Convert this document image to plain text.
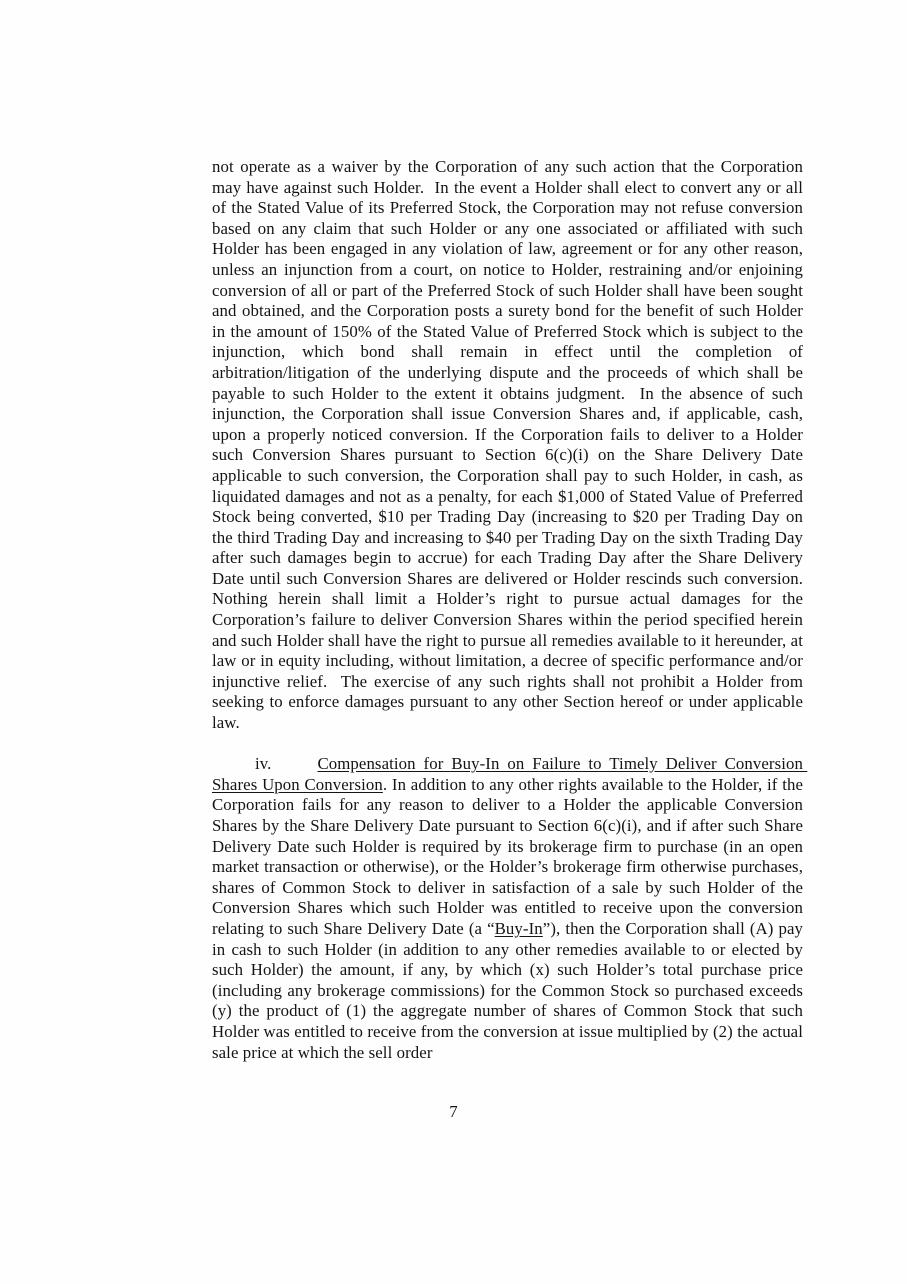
not operate as a waiver by the Corporation of any such action that the Corporation may have against such Holder.  In the event a Holder shall elect to convert any or all of the Stated Value of its Preferred Stock, the Corporation may not refuse conversion based on any claim that such Holder or any one associated or affiliated with such Holder has been engaged in any violation of law, agreement or for any other reason, unless an injunction from a court, on notice to Holder, restraining and/or enjoining conversion of all or part of the Preferred Stock of such Holder shall have been sought and obtained, and the Corporation posts a surety bond for the benefit of such Holder in the amount of 150% of the Stated Value of Preferred Stock which is subject to the injunction, which bond shall remain in effect until the completion of arbitration/litigation of the underlying dispute and the proceeds of which shall be payable to such Holder to the extent it obtains judgment.  In the absence of such injunction, the Corporation shall issue Conversion Shares and, if applicable, cash, upon a properly noticed conversion. If the Corporation fails to deliver to a Holder such Conversion Shares pursuant to Section 6(c)(i) on the Share Delivery Date applicable to such conversion, the Corporation shall pay to such Holder, in cash, as liquidated damages and not as a penalty, for each $1,000 of Stated Value of Preferred Stock being converted, $10 per Trading Day (increasing to $20 per Trading Day on the third Trading Day and increasing to $40 per Trading Day on the sixth Trading Day after such damages begin to accrue) for each Trading Day after the Share Delivery Date until such Conversion Shares are delivered or Holder rescinds such conversion.  Nothing herein shall limit a Holder’s right to pursue actual damages for the Corporation’s failure to deliver Conversion Shares within the period specified herein and such Holder shall have the right to pursue all remedies available to it hereunder, at law or in equity including, without limitation, a decree of specific performance and/or injunctive relief.  The exercise of any such rights shall not prohibit a Holder from seeking to enforce damages pursuant to any other Section hereof or under applicable law.

iv.	Compensation for Buy-In on Failure to Timely Deliver Conversion Shares Upon Conversion. In addition to any other rights available to the Holder, if the Corporation fails for any reason to deliver to a Holder the applicable Conversion Shares by the Share Delivery Date pursuant to Section 6(c)(i), and if after such Share Delivery Date such Holder is required by its brokerage firm to purchase (in an open market transaction or otherwise), or the Holder’s brokerage firm otherwise purchases, shares of Common Stock to deliver in satisfaction of a sale by such Holder of the Conversion Shares which such Holder was entitled to receive upon the conversion relating to such Share Delivery Date (a “Buy-In”), then the Corporation shall (A) pay in cash to such Holder (in addition to any other remedies available to or elected by such Holder) the amount, if any, by which (x) such Holder’s total purchase price (including any brokerage commissions) for the Common Stock so purchased exceeds (y) the product of (1) the aggregate number of shares of Common Stock that such Holder was entitled to receive from the conversion at issue multiplied by (2) the actual sale price at which the sell order

7
